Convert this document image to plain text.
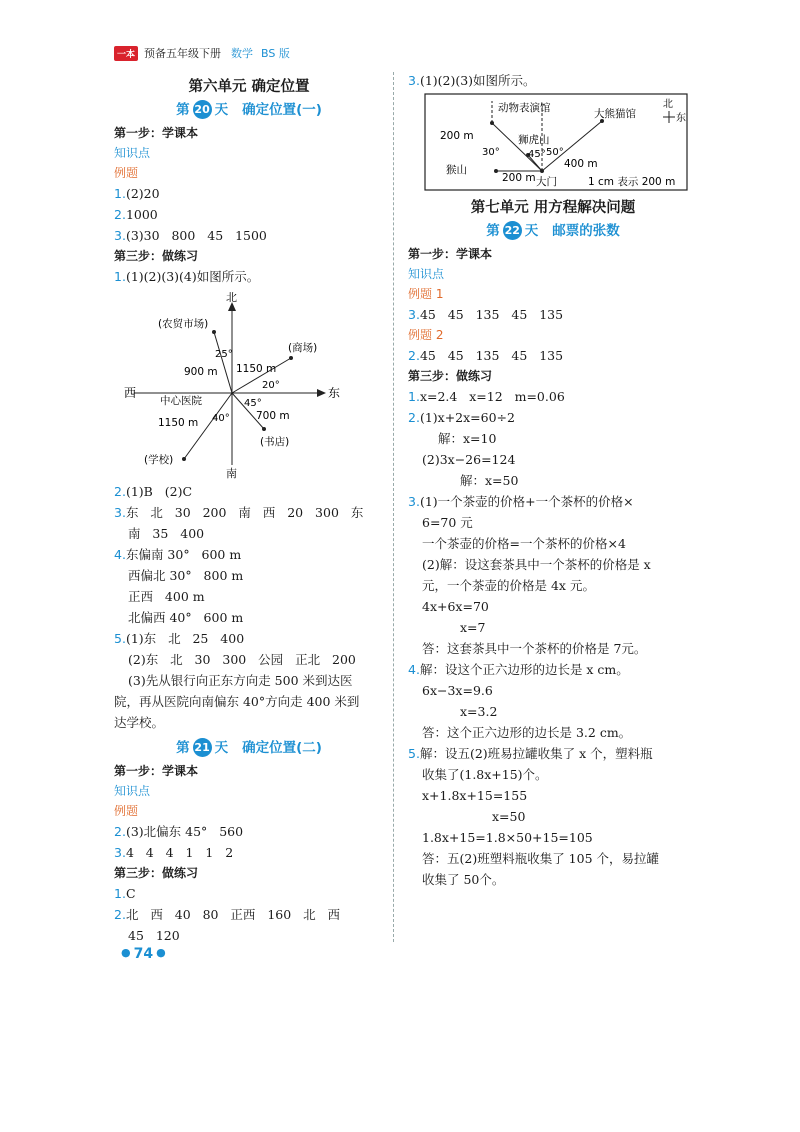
一本 预备五年级下册 数学 BS 版
第六单元 确定位置
第 20 天 确定位置(一)
第一步：学课本
知识点
例题
1.(2)20
2.1000
3.(3)30   800   45   1500
第三步：做练习
1.(1)(2)(3)(4)如图所示。
北
南
东
西
中心医院
(农贸市场)
25°
900 m
(商场)
1150 m
20°
(书店)
45°
700 m
(学校)
40°
1150 m
2.(1)B   (2)C
3.东   北   30   200   南   西   20   300   东
南   35   400
4.东偏南 30°   600 m
西偏北 30°   800 m
正西   400 m
北偏西 40°   600 m
5.(1)东   北   25   400
(2)东   北   30   300   公园   正北   200
(3)先从银行向正东方向走 500 米到达医
院，再从医院向南偏东 40°方向走 400 米到
达学校。
第 21 天 确定位置(二)
第一步：学课本
知识点
例题
2.(3)北偏东 45°   560
3.4   4   4   1   1   2
第三步：做练习
1.C
2.北   西   40   80   正西   160   北   西
45   120
3.(1)(2)(3)如图所示。
北
东
动物表演馆
200 m	狮虎山
30°	45° 50°
猴山
200 m
大熊猫馆
400 m
大门	1 cm 表示 200 m
第七单元 用方程解决问题
第 22 天 邮票的张数
第一步：学课本
知识点
例题 1
3.45   45   135   45   135
例题 2
2.45   45   135   45   135
第三步：做练习
1.x=2.4   x=12   m=0.06
2.(1)x+2x=60÷2
解：x=10
(2)3x−26=124
解：x=50
3.(1)一个茶壶的价格+一个茶杯的价格×
6=70 元
一个茶壶的价格=一个茶杯的价格×4
(2)解：设这套茶具中一个茶杯的价格是 x
元，一个茶壶的价格是 4x 元。
4x+6x=70
x=7
答：这套茶具中一个茶杯的价格是 7元。
4.解：设这个正六边形的边长是 x cm。
6x−3x=9.6
x=3.2
答：这个正六边形的边长是 3.2 cm。
5.解：设五(2)班易拉罐收集了 x 个，塑料瓶
收集了(1.8x+15)个。
x+1.8x+15=155
x=50
1.8x+15=1.8×50+15=105
答：五(2)班塑料瓶收集了 105 个，易拉罐
收集了 50个。
● 74 ●
